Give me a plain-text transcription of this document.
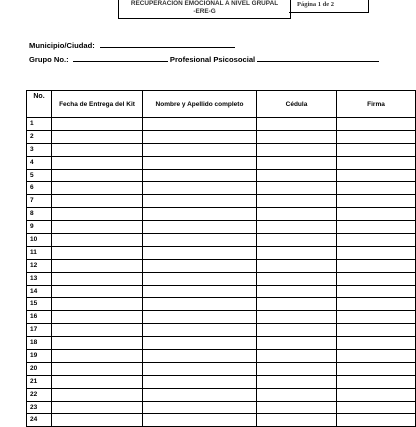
RECUPERACIÓN EMOCIONAL A NIVEL GRUPAL
-ERE-G
Página 1 de 2
Municipio/Ciudad:
Grupo No.:	Profesional Psicosocial
No.	Fecha de Entrega del Kit	Nombre y Apellido completo	Cédula	Firma
1				
2				
3				
4				
5				
6				
7				
8				
9				
10				
11				
12				
13				
14				
15				
16				
17				
18				
19				
20				
21				
22				
23				
24				
